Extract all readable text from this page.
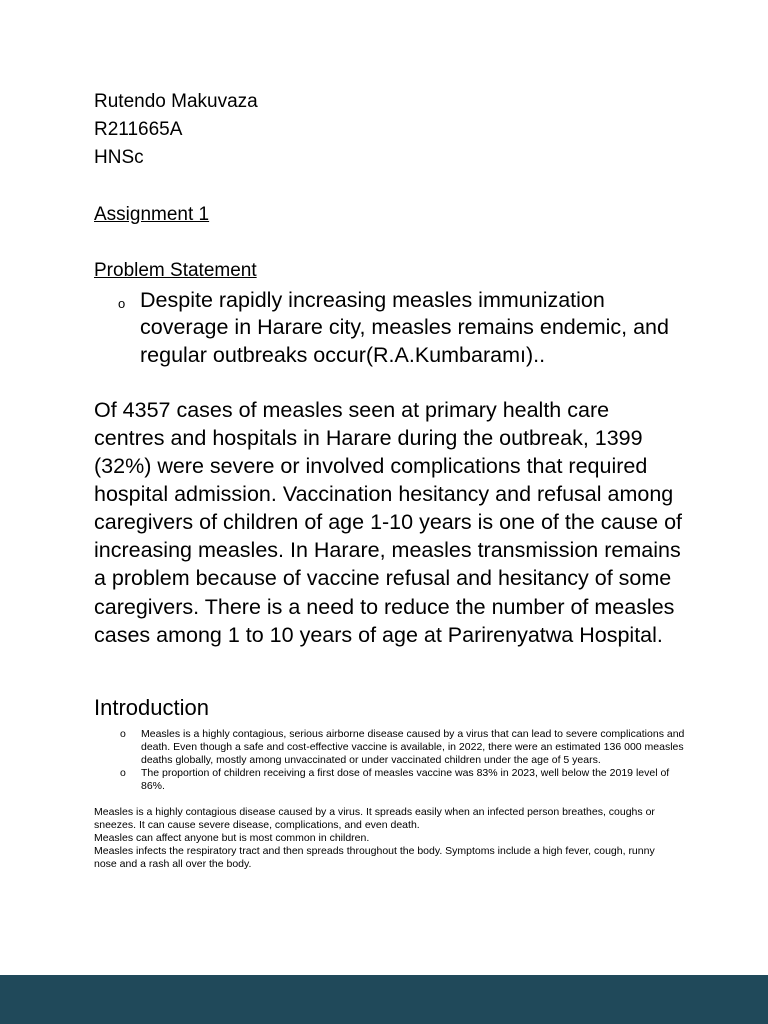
Rutendo Makuvaza
R211665A
HNSc
Assignment 1
Problem Statement
o Despite rapidly increasing measles immunization coverage in Harare city, measles remains endemic, and regular outbreaks occur(R.A.Kumbaramı)..
Of 4357 cases of measles seen at primary health care centres and hospitals in Harare during the outbreak, 1399 (32%) were severe or involved complications that required hospital admission. Vaccination hesitancy and refusal among caregivers of children of age 1-10 years is one of the cause of increasing measles. In Harare, measles transmission remains a problem because of vaccine refusal and hesitancy of some caregivers. There is a need to reduce the number of measles cases among 1 to 10 years of age at Parirenyatwa Hospital.
Introduction
o	Measles is a highly contagious, serious airborne disease caused by a virus that can lead to severe complications and death. Even though a safe and cost-effective vaccine is available, in 2022, there were an estimated 136 000 measles deaths globally, mostly among unvaccinated or under vaccinated children under the age of 5 years.
o	The proportion of children receiving a first dose of measles vaccine was 83% in 2023, well below the 2019 level of 86%.

Measles is a highly contagious disease caused by a virus. It spreads easily when an infected person breathes, coughs or sneezes. It can cause severe disease, complications, and even death.

Measles can affect anyone but is most common in children.

Measles infects the respiratory tract and then spreads throughout the body. Symptoms include a high fever, cough, runny nose and a rash all over the body.
